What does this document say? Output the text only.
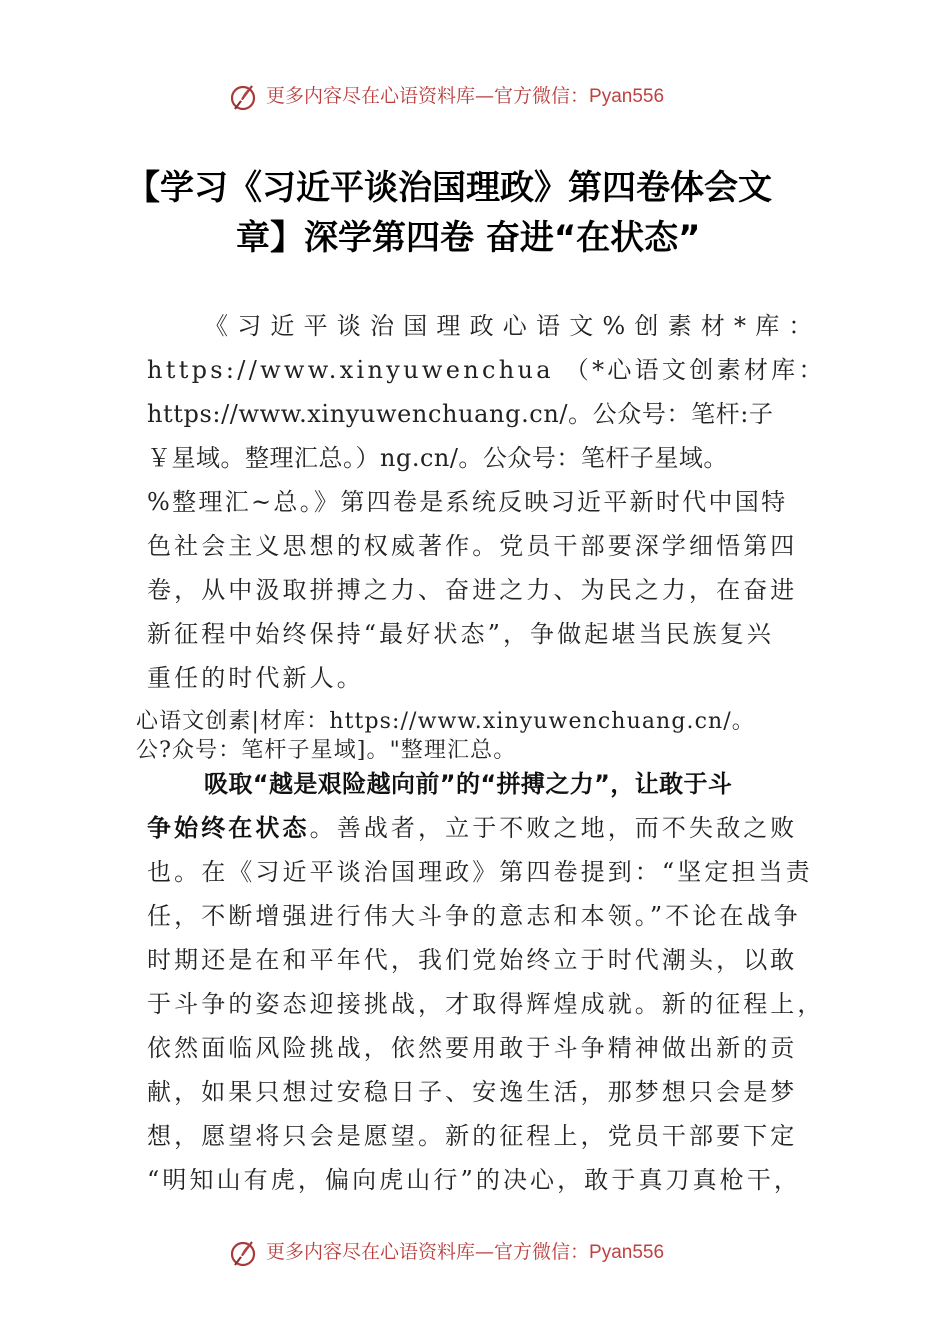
更多内容尽在心语资料库—官方微信：Pyan556
【学习《习近平谈治国理政》第四卷体会文
章】深学第四卷 奋进“在状态”
《习近平谈治国理政心语文%创素材*库：
https://www.xinyuwenchua （*心语文创素材库：
https://www.xinyuwenchuang.cn/。公众号：笔杆:子
￥星域。整理汇总。）ng.cn/。公众号：笔杆子星域。
%整理汇~总。》第四卷是系统反映习近平新时代中国特
色社会主义思想的权威著作。党员干部要深学细悟第四
卷，从中汲取拼搏之力、奋进之力、为民之力，在奋进
新征程中始终保持“最好状态”，争做起堪当民族复兴
重任的时代新人。
心语文创素|材库：https://www.xinyuwenchuang.cn/。
公?众号：笔杆子星域]。"整理汇总。
吸取“越是艰险越向前”的“拼搏之力”，让敢于斗
争始终在状态。善战者，立于不败之地，而不失敌之败
也。在《习近平谈治国理政》第四卷提到：“坚定担当责
任，不断增强进行伟大斗争的意志和本领。”不论在战争
时期还是在和平年代，我们党始终立于时代潮头，以敢
于斗争的姿态迎接挑战，才取得辉煌成就。新的征程上，
依然面临风险挑战，依然要用敢于斗争精神做出新的贡
献，如果只想过安稳日子、安逸生活，那梦想只会是梦
想，愿望将只会是愿望。新的征程上，党员干部要下定
“明知山有虎，偏向虎山行”的决心，敢于真刀真枪干，
更多内容尽在心语资料库—官方微信：Pyan556
